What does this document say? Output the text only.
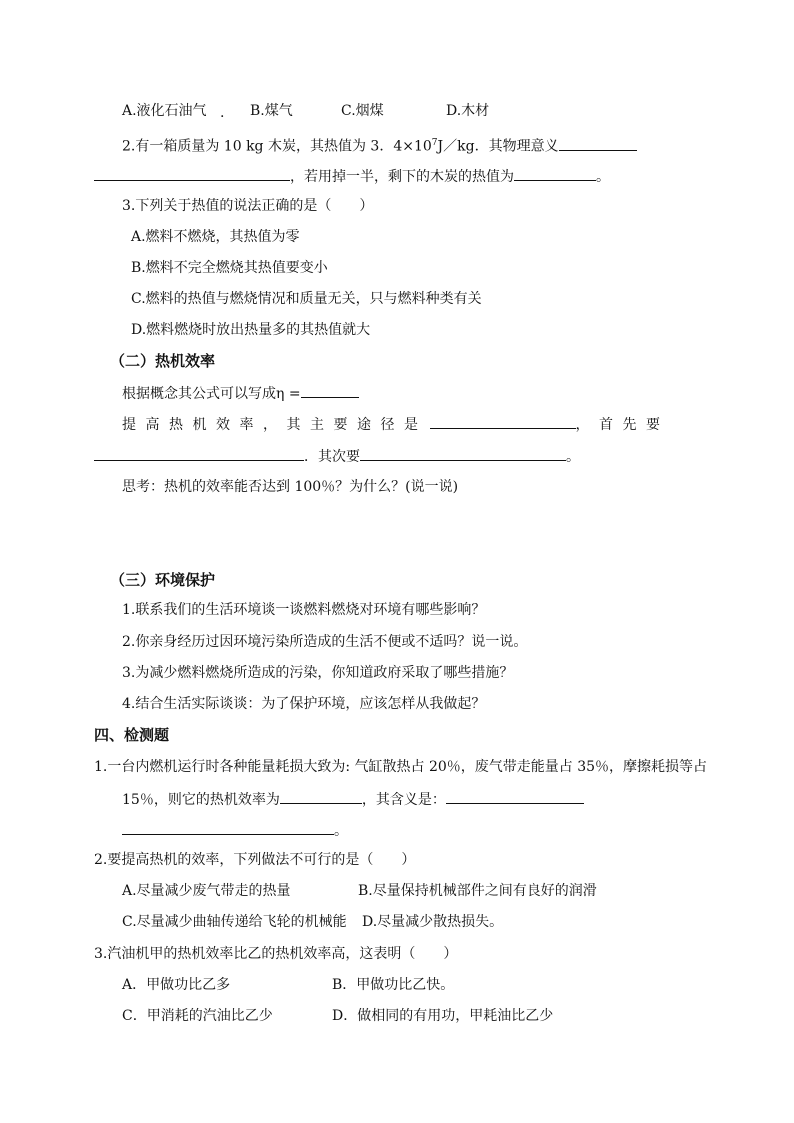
A.液化石油气 . B.煤气	C.烟煤	D.木材
2.有一箱质量为 10 kg 木炭，其热值为 3．$4\times 10^7J/kg$．其物理意义
，若用掉一半，剩下的木炭的热值为	。
3.下列关于热值的说法正确的是（　　）
A.燃料不燃烧，其热值为零
B.燃料不完全燃烧其热值要变小
C.燃料的热值与燃烧情况和质量无关，只与燃料种类有关
D.燃料燃烧时放出热量多的其热值就大
（二）热机效率
根据概念其公式可以写成η =
提高热机效率，其主要途径是	，首先要
．其次要	。
思考：热机的效率能否达到 100％？为什么？(说一说)
（三）环境保护
1.联系我们的生活环境谈一谈燃料燃烧对环境有哪些影响？
2.你亲身经历过因环境污染所造成的生活不便或不适吗？说一说。
3.为减少燃料燃烧所造成的污染，你知道政府采取了哪些措施？
4.结合生活实际谈谈：为了保护环境，应该怎样从我做起？
四、检测题
1.一台内燃机运行时各种能量耗损大致为: 气缸散热占 20％，废气带走能量占 35％，摩擦耗损等占
15％，则它的热机效率为	，其含义是：
。
2.要提高热机的效率，下列做法不可行的是（　　）
A.尽量减少废气带走的热量	B.尽量保持机械部件之间有良好的润滑
C.尽量减少曲轴传递给飞轮的机械能 D.尽量减少散热损失。
3.汽油机甲的热机效率比乙的热机效率高，这表明（　　）
A．甲做功比乙多	B．甲做功比乙快。
C．甲消耗的汽油比乙少	D．做相同的有用功，甲耗油比乙少
